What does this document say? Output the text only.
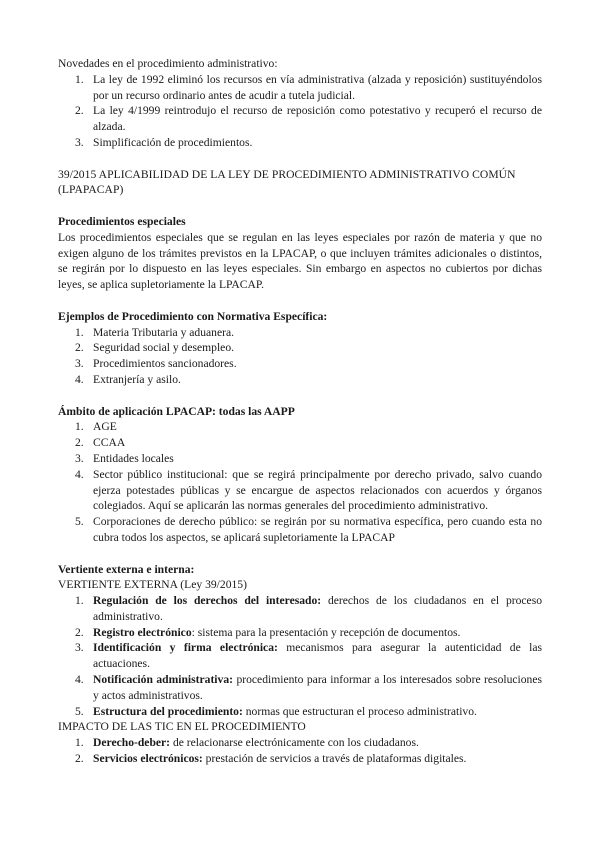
Novedades en el procedimiento administrativo:

1. La ley de 1992 eliminó los recursos en vía administrativa (alzada y reposición) sustituyéndolos por un recurso ordinario antes de acudir a tutela judicial.
2. La ley 4/1999 reintrodujo el recurso de reposición como potestativo y recuperó el recurso de alzada.
3. Simplificación de procedimientos.

39/2015 APLICABILIDAD DE LA LEY DE PROCEDIMIENTO ADMINISTRATIVO COMÚN (LPAPACAP)

Procedimientos especiales

Los procedimientos especiales que se regulan en las leyes especiales por razón de materia y que no exigen alguno de los trámites previstos en la LPACAP, o que incluyen trámites adicionales o distintos, se regirán por lo dispuesto en las leyes especiales. Sin embargo en aspectos no cubiertos por dichas leyes, se aplica supletoriamente la LPACAP.

Ejemplos de Procedimiento con Normativa Específica:

1. Materia Tributaria y aduanera.
2. Seguridad social y desempleo.
3. Procedimientos sancionadores.
4. Extranjería y asilo.

Ámbito de aplicación LPACAP: todas las AAPP

1. AGE
2. CCAA
3. Entidades locales
4. Sector público institucional: que se regirá principalmente por derecho privado, salvo cuando ejerza potestades públicas y se encargue de aspectos relacionados con acuerdos y órganos colegiados. Aquí se aplicarán las normas generales del procedimiento administrativo.
5. Corporaciones de derecho público: se regirán por su normativa específica, pero cuando esta no cubra todos los aspectos, se aplicará supletoriamente la LPACAP

Vertiente externa e interna:

VERTIENTE EXTERNA (Ley 39/2015)

1. Regulación de los derechos del interesado: derechos de los ciudadanos en el proceso administrativo.
2. Registro electrónico: sistema para la presentación y recepción de documentos.
3. Identificación y firma electrónica: mecanismos para asegurar la autenticidad de las actuaciones.
4. Notificación administrativa: procedimiento para informar a los interesados sobre resoluciones y actos administrativos.
5. Estructura del procedimiento: normas que estructuran el proceso administrativo.

IMPACTO DE LAS TIC EN EL PROCEDIMIENTO

1. Derecho-deber: de relacionarse electrónicamente con los ciudadanos.
2. Servicios electrónicos: prestación de servicios a través de plataformas digitales.
